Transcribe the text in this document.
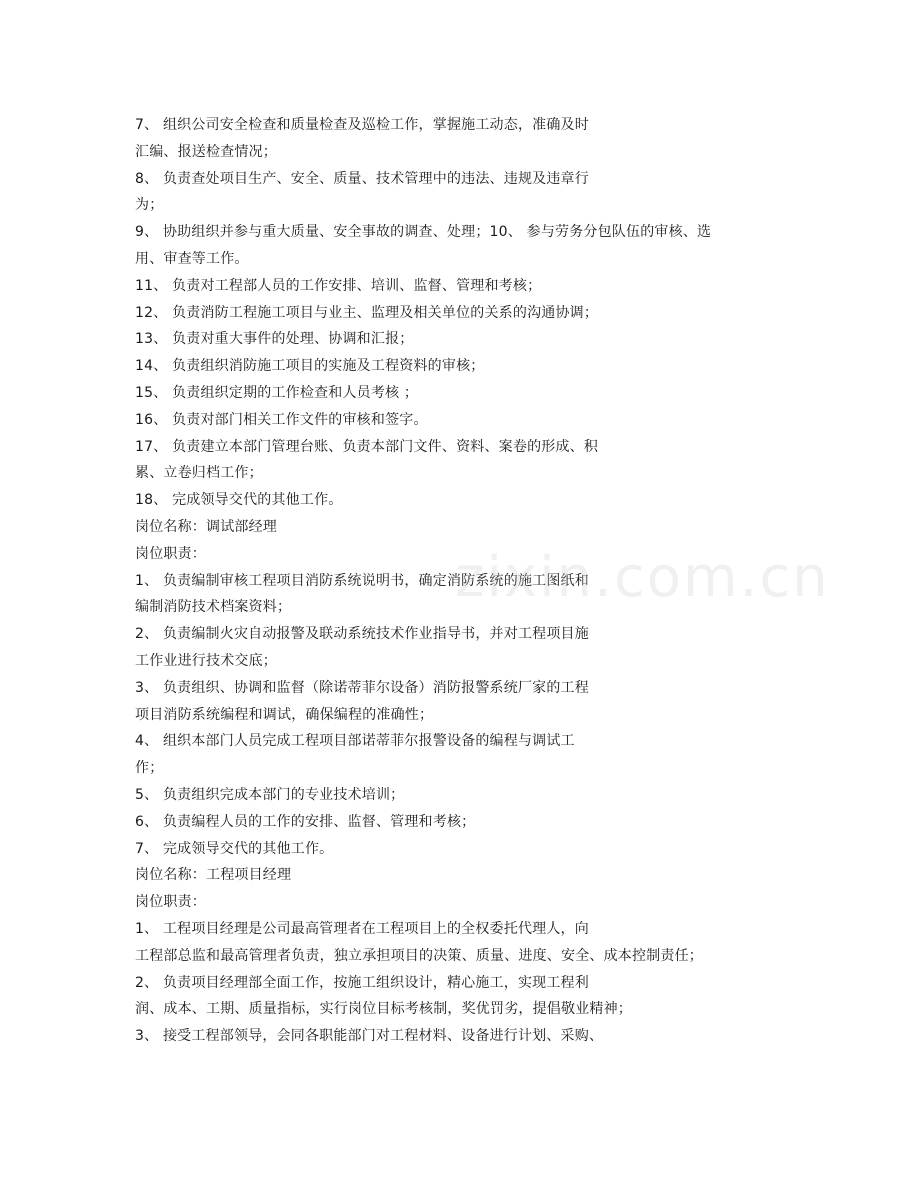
7、 组织公司安全检查和质量检查及巡检工作，掌握施工动态，准确及时
汇编、报送检查情况；
8、 负责查处项目生产、安全、质量、技术管理中的违法、违规及违章行
为；
9、 协助组织并参与重大质量、安全事故的调查、处理；10、 参与劳务分包队伍的审核、选
用、审查等工作。
11、 负责对工程部人员的工作安排、培训、监督、管理和考核；
12、 负责消防工程施工项目与业主、监理及相关单位的关系的沟通协调；
13、 负责对重大事件的处理、协调和汇报；
14、 负责组织消防施工项目的实施及工程资料的审核；
15、 负责组织定期的工作检查和人员考核 ；
16、 负责对部门相关工作文件的审核和签字。
17、 负责建立本部门管理台账、负责本部门文件、资料、案卷的形成、积
累、立卷归档工作；
18、 完成领导交代的其他工作。
岗位名称：调试部经理
岗位职责：
1、 负责编制审核工程项目消防系统说明书，确定消防系统的施工图纸和
编制消防技术档案资料；
2、 负责编制火灾自动报警及联动系统技术作业指导书，并对工程项目施
工作业进行技术交底；
3、 负责组织、协调和监督（除诺蒂菲尔设备）消防报警系统厂家的工程
项目消防系统编程和调试，确保编程的准确性；
4、 组织本部门人员完成工程项目部诺蒂菲尔报警设备的编程与调试工
作；
5、 负责组织完成本部门的专业技术培训；
6、 负责编程人员的工作的安排、监督、管理和考核；
7、 完成领导交代的其他工作。
岗位名称：工程项目经理
岗位职责：
1、 工程项目经理是公司最高管理者在工程项目上的全权委托代理人，向
工程部总监和最高管理者负责，独立承担项目的决策、质量、进度、安全、成本控制责任；
2、 负责项目经理部全面工作，按施工组织设计，精心施工，实现工程利
润、成本、工期、质量指标，实行岗位目标考核制，奖优罚劣，提倡敬业精神；
3、 接受工程部领导，会同各职能部门对工程材料、设备进行计划、采购、
zixin.com.cn
